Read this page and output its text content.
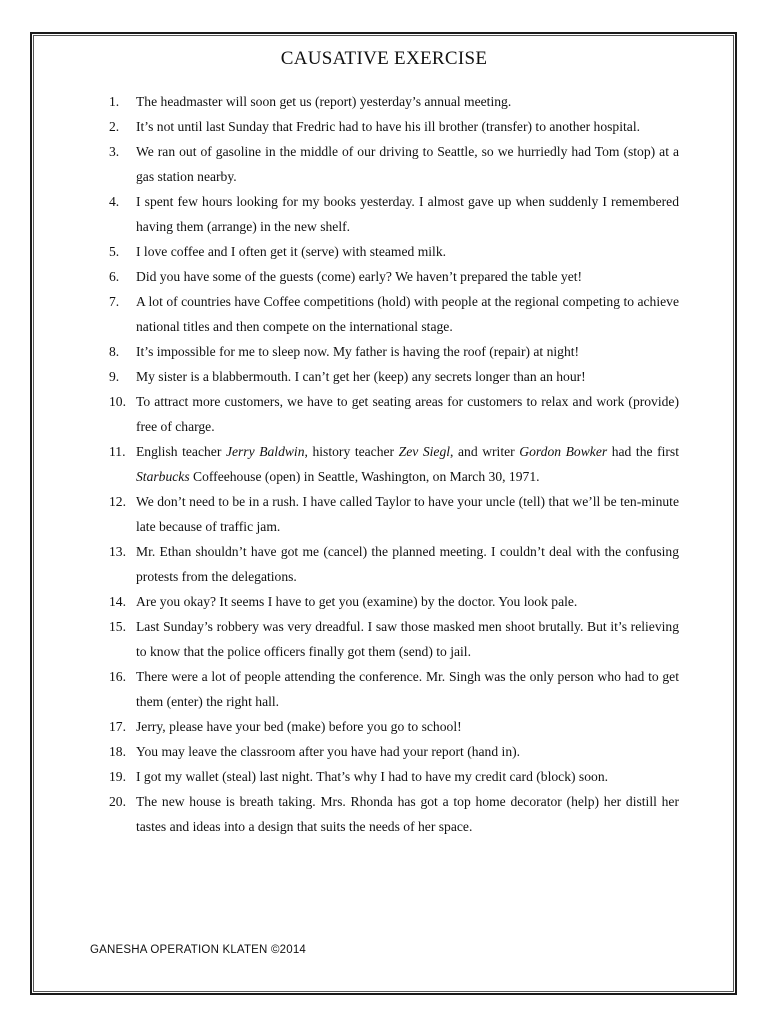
CAUSATIVE EXERCISE
1.	The headmaster will soon get us (report) yesterday’s annual meeting.
2.	It’s not until last Sunday that Fredric had to have his ill brother (transfer) to another hospital.
3.	We ran out of gasoline in the middle of our driving to Seattle, so we hurriedly had Tom (stop) at a gas station nearby.
4.	I spent few hours looking for my books yesterday. I almost gave up when suddenly I remembered having them (arrange) in the new shelf.
5.	I love coffee and I often get it (serve) with steamed milk.
6.	Did you have some of the guests (come) early? We haven’t prepared the table yet!
7.	A lot of countries have Coffee competitions (hold) with people at the regional competing to achieve national titles and then compete on the international stage.
8.	It’s impossible for me to sleep now. My father is having the roof (repair) at night!
9.	My sister is a blabbermouth. I can’t get her (keep) any secrets longer than an hour!
10. To attract more customers, we have to get seating areas for customers to relax and work (provide) free of charge.
11. English teacher Jerry Baldwin, history teacher Zev Siegl, and writer Gordon Bowker had the first Starbucks Coffeehouse (open) in Seattle, Washington, on March 30, 1971.
12. We don’t need to be in a rush. I have called Taylor to have your uncle (tell) that we’ll be ten-minute late because of traffic jam.
13. Mr. Ethan shouldn’t have got me (cancel) the planned meeting. I couldn’t deal with the confusing protests from the delegations.
14. Are you okay? It seems I have to get you (examine) by the doctor. You look pale.
15. Last Sunday’s robbery was very dreadful. I saw those masked men shoot brutally. But it’s relieving to know that the police officers finally got them (send) to jail.
16. There were a lot of people attending the conference. Mr. Singh was the only person who had to get them (enter) the right hall.
17. Jerry, please have your bed (make) before you go to school!
18. You may leave the classroom after you have had your report (hand in).
19. I got my wallet (steal) last night. That’s why I had to have my credit card (block) soon.
20. The new house is breath taking. Mrs. Rhonda has got a top home decorator (help) her distill her tastes and ideas into a design that suits the needs of her space.
GANESHA OPERATION KLATEN ©2014
